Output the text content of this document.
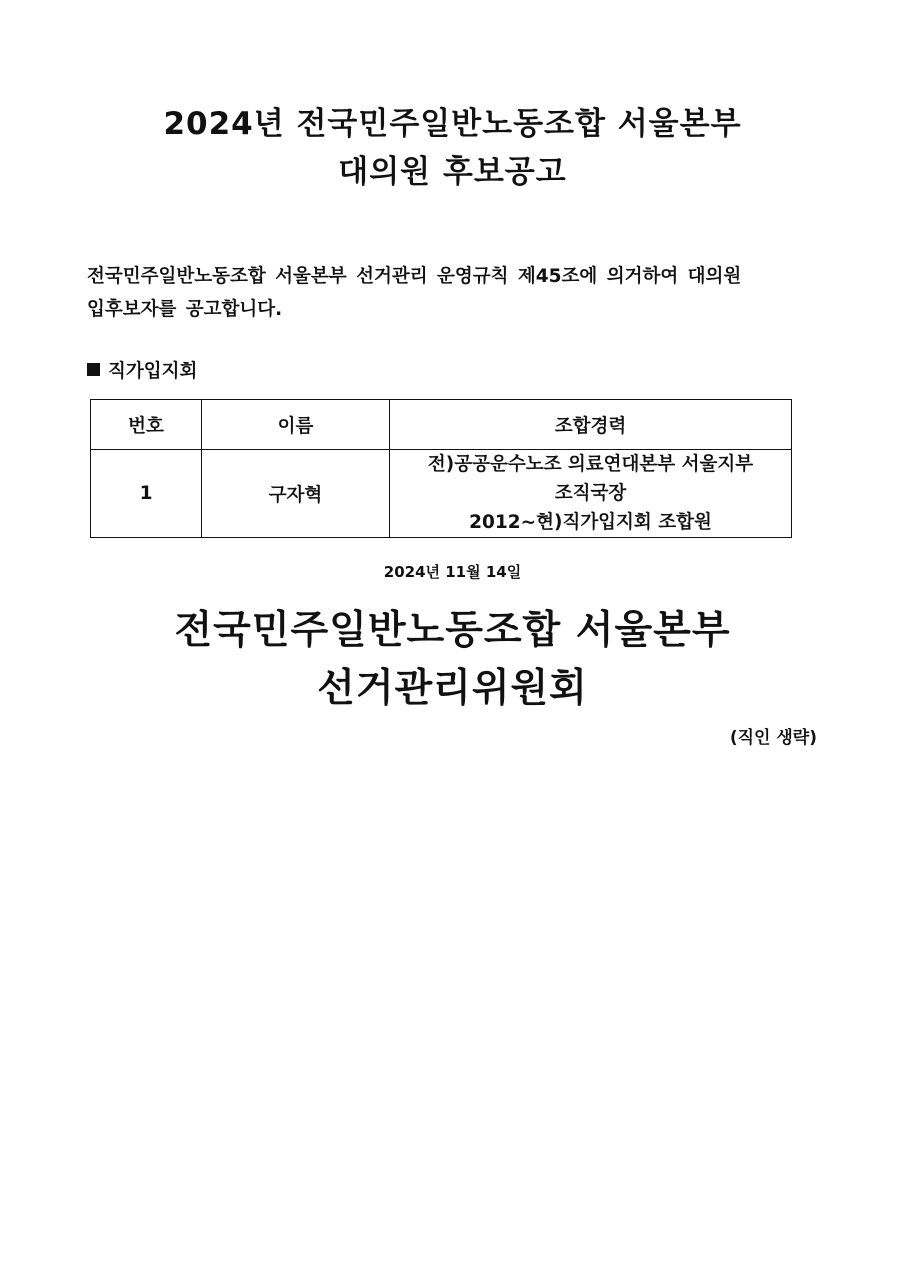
2024년 전국민주일반노동조합 서울본부
대의원 후보공고
전국민주일반노동조합 서울본부 선거관리 운영규칙 제45조에 의거하여 대의원
입후보자를 공고합니다.
직가입지회
번호	이름	조합경력
1	구자혁	전)공공운수노조 의료연대본부 서울지부
조직국장
2012~현)직가입지회 조합원
2024년 11월 14일
전국민주일반노동조합 서울본부
선거관리위원회
(직인 생략)
